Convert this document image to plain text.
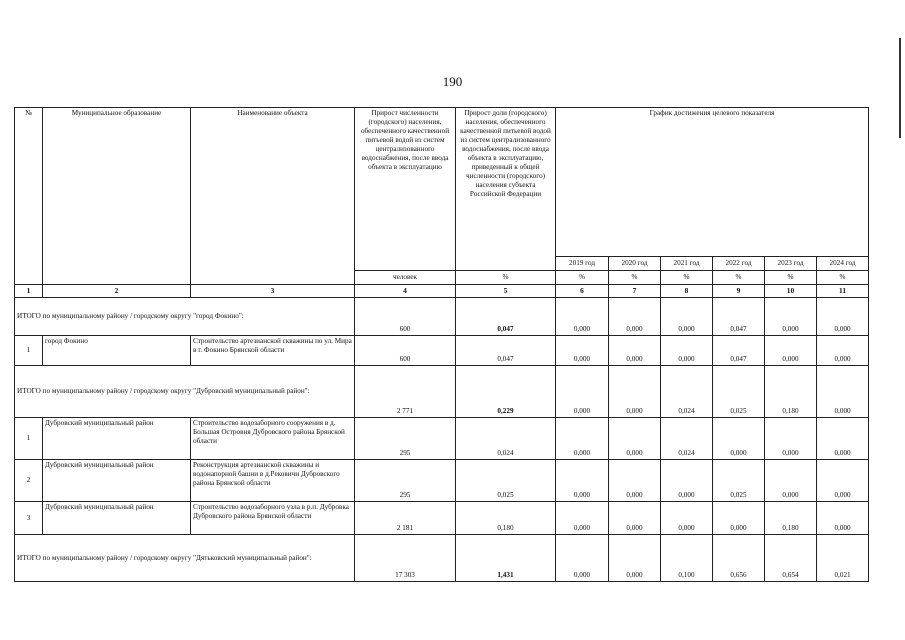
190
№	Муниципальное образование	Наименование объекта	Прирост численности (городского) населения, обеспеченного качественной питьевой водой из систем централизованного водоснабжения, после ввода объекта в эксплуатацию	Прирост доли (городского) населения, обеспеченного качественной питьевой водой из систем централизованного водоснабжения, после ввода объекта в эксплуатацию, приведенный к общей численности (городского) населения субъекта Российской Федерации	График достижения целевого показателя					
					2019 год	2020 год	2021 год	2022 год	2023 год	2024 год
			человек	%	%	%	%	%	%	%
1	2	3	4	5	6	7	8	9	10	11
ИТОГО по муниципальному району / городскому округу "город Фокино":			600	0,047	0,000	0,000	0,000	0,047	0,000	0,000
1	город Фокино	Строительство артезианской скважины по ул. Мира в г. Фокино Брянской области	600	0,047	0,000	0,000	0,000	0,047	0,000	0,000
ИТОГО по муниципальному району / городскому округу "Дубровский муниципальный район":			2 771	0,229	0,000	0,000	0,024	0,025	0,180	0,000
1	Дубровский муниципальный район	Строительство водозаборного сооружения в д. Большая Островня Дубровского района Брянской области	295	0,024	0,000	0,000	0,024	0,000	0,000	0,000
2	Дубровский муниципальный район	Реконструкция артезианской скважины и водонапорной башни в д.Рековичи Дубровского района Брянской области	295	0,025	0,000	0,000	0,000	0,025	0,000	0,000
3	Дубровский муниципальный район	Строительство водозаборного узла в р.п. Дубровка Дубровского района Брянской области	2 181	0,180	0,000	0,000	0,000	0,000	0,180	0,000
ИТОГО по муниципальному району / городскому округу "Дятьковский муниципальный район":			17 303	1,431	0,000	0,000	0,100	0,656	0,654	0,021
